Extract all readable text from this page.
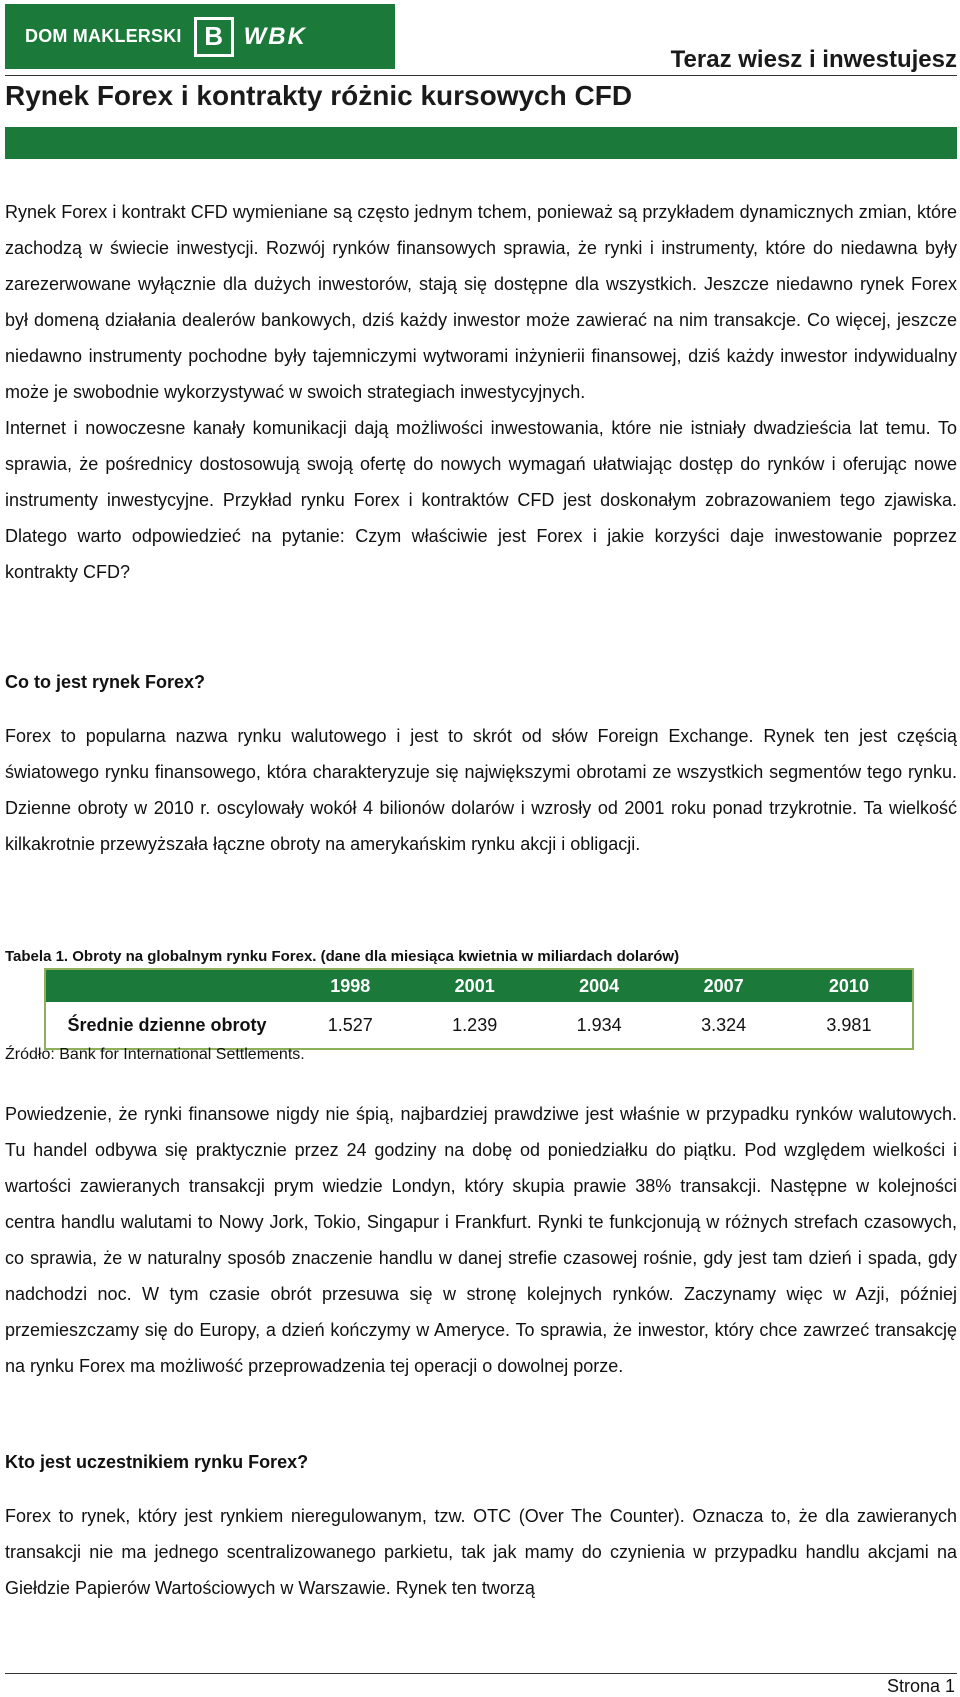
DOM MAKLERSKI B WBK
Teraz wiesz i inwestujesz
Rynek Forex i kontrakty różnic kursowych CFD

Rynek Forex i kontrakt CFD wymieniane są często jednym tchem, ponieważ są przykładem dynamicznych zmian, które zachodzą w świecie inwestycji. Rozwój rynków finansowych sprawia, że rynki i instrumenty, które do niedawna były zarezerwowane wyłącznie dla dużych inwestorów, stają się dostępne dla wszystkich. Jeszcze niedawno rynek Forex był domeną działania dealerów bankowych, dziś każdy inwestor może zawierać na nim transakcje. Co więcej, jeszcze niedawno instrumenty pochodne były tajemniczymi wytworami inżynierii finansowej, dziś każdy inwestor indywidualny może je swobodnie wykorzystywać w swoich strategiach inwestycyjnych.

Internet i nowoczesne kanały komunikacji dają możliwości inwestowania, które nie istniały dwadzieścia lat temu. To sprawia, że pośrednicy dostosowują swoją ofertę do nowych wymagań ułatwiając dostęp do rynków i oferując nowe instrumenty inwestycyjne. Przykład rynku Forex i kontraktów CFD jest doskonałym zobrazowaniem tego zjawiska. Dlatego warto odpowiedzieć na pytanie: Czym właściwie jest Forex i jakie korzyści daje inwestowanie poprzez kontrakty CFD?

Co to jest rynek Forex?

Forex to popularna nazwa rynku walutowego i jest to skrót od słów Foreign Exchange. Rynek ten jest częścią światowego rynku finansowego, która charakteryzuje się największymi obrotami ze wszystkich segmentów tego rynku. Dzienne obroty w 2010 r. oscylowały wokół 4 bilionów dolarów i wzrosły od 2001 roku ponad trzykrotnie. Ta wielkość kilkakrotnie przewyższała łączne obroty na amerykańskim rynku akcji i obligacji.

Tabela 1. Obroty na globalnym rynku Forex. (dane dla miesiąca kwietnia w miliardach dolarów)

	1998	2001	2004	2007	2010
Średnie dzienne obroty	1.527	1.239	1.934	3.324	3.981
Źródło: Bank for International Settlements.

Powiedzenie, że rynki finansowe nigdy nie śpią, najbardziej prawdziwe jest właśnie w przypadku rynków walutowych. Tu handel odbywa się praktycznie przez 24 godziny na dobę od poniedziałku do piątku. Pod względem wielkości i wartości zawieranych transakcji prym wiedzie Londyn, który skupia prawie 38% transakcji. Następne w kolejności centra handlu walutami to Nowy Jork, Tokio, Singapur i Frankfurt. Rynki te funkcjonują w różnych strefach czasowych, co sprawia, że w naturalny sposób znaczenie handlu w danej strefie czasowej rośnie, gdy jest tam dzień i spada, gdy nadchodzi noc. W tym czasie obrót przesuwa się w stronę kolejnych rynków. Zaczynamy więc w Azji, później przemieszczamy się do Europy, a dzień kończymy w Ameryce. To sprawia, że inwestor, który chce zawrzeć transakcję na rynku Forex ma możliwość przeprowadzenia tej operacji o dowolnej porze.

Kto jest uczestnikiem rynku Forex?

Forex to rynek, który jest rynkiem nieregulowanym, tzw. OTC (Over The Counter). Oznacza to, że dla zawieranych transakcji nie ma jednego scentralizowanego parkietu, tak jak mamy do czynienia w przypadku handlu akcjami na Giełdzie Papierów Wartościowych w Warszawie. Rynek ten tworzą

Strona 1
